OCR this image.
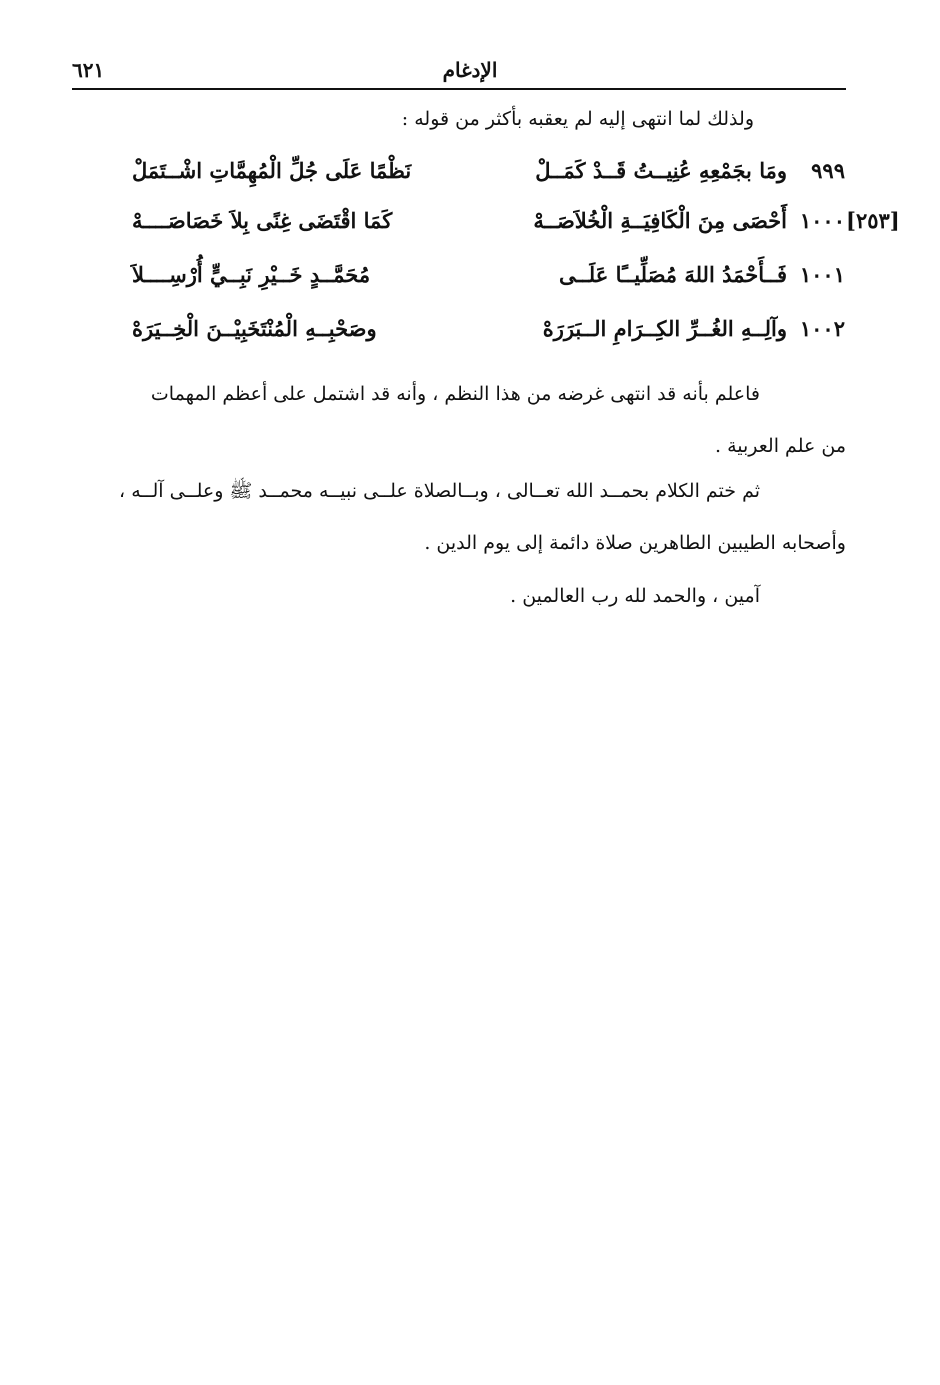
الإدغام
٦٢١
ولذلك لما انتهى إليه لم يعقبه بأكثر من قوله :
[٢٥٣]
٩٩٩
ومَا بجَمْعِهِ عُنِيــتُ قَــدْ كَمَــلْ
نَظْمًا عَلَى جُلِّ الْمُهِمَّاتِ اشْــتَمَلْ
١٠٠٠
أَحْصَى مِنَ الْكَافِيَــةِ الْخُلاَصَــهْ
كَمَا اقْتَضَى غِنًى بِلاَ خَصَاصَــــهْ
١٠٠١
فَــأَحْمَدُ اللهَ مُصَلِّيــًا عَلَــى
مُحَمَّــدٍ خَــيْرِ نَبِــيٍّ أُرْسِــــلاَ
١٠٠٢
وآلِــهِ الغُــرِّ الكِــرَامِ الــبَرَرَهْ
وصَحْبِــهِ الْمُنْتَخَبِيْــنَ الْخِــيَرَهْ
فاعلم بأنه قد انتهى غرضه من هذا النظم ، وأنه قد اشتمل على أعظم المهمات
من علم العربية .
ثم ختم الكلام بحمــد الله تعــالى ، وبــالصلاة علــى نبيــه محمــد ﷺ وعلــى آلــه ،
وأصحابه الطيبين الطاهرين صلاة دائمة إلى يوم الدين .
آمين ، والحمد لله رب العالمين .
